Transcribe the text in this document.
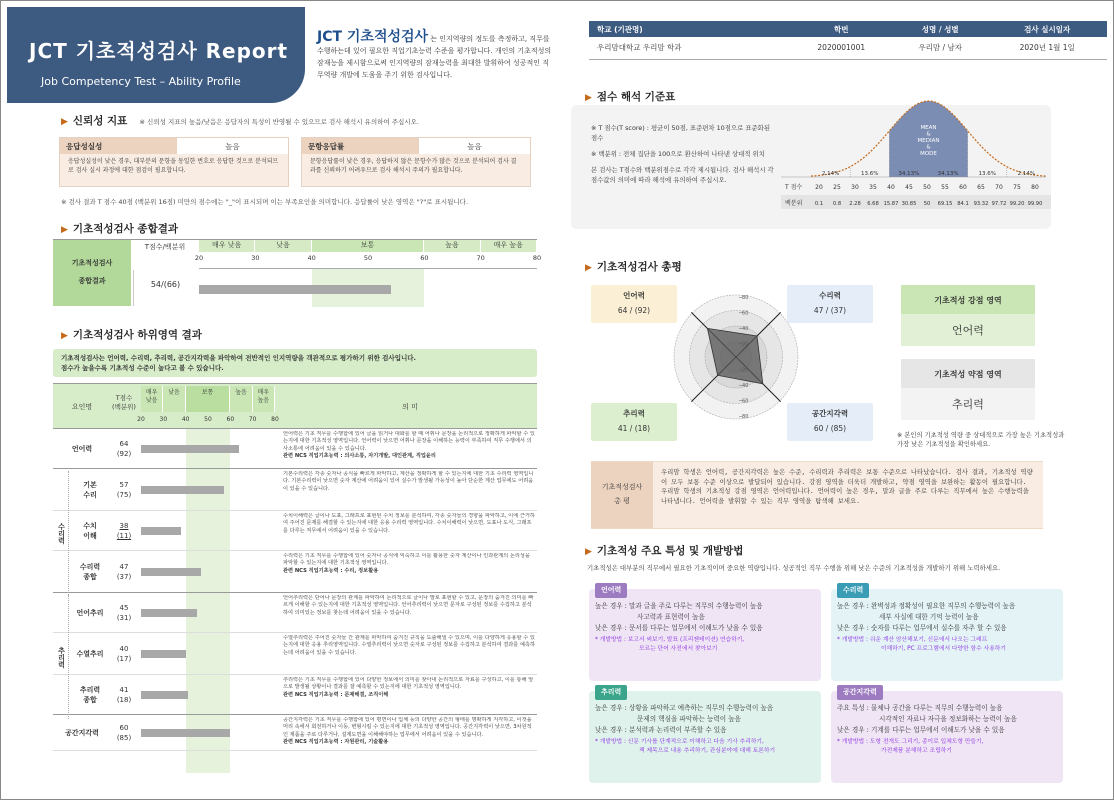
JCT 기초적성검사 Report
Job Competency Test – Ability Profile
JCT 기초적성검사 는 인지역량의 정도를 측정하고, 직무를 수행하는데 있어 필요한 직업기초능력 수준을 평가합니다. 개인의 기초적성의 잠재능을 제시함으로써 인지역량의 잠재능력을 최대한 발휘하여 성공적인 직무역량 개발에 도움을 주기 위한 검사입니다.
학교 (기관명)	학번	성명 / 성별	검사 실시일자
우리맘대학교 우리맘 학과	2020001001	우리맘 / 남자	2020년 1월 1일
▶ 신뢰성 지표 ※ 신뢰성 지표의 높음/낮음은 응답자의 특성이 반영될 수 있으므로 검사 해석시 유의하여 주십시오.
응답성실성	높음
응답성실성이 낮은 경우, 대부분의 문항을 동일한 번호로 응답한 것으로 분석되므로 검사 실시 과정에 대한 점검이 필요합니다.
문항응답률	높음
문항응답률이 낮은 경우, 응답하지 않은 문항수가 많은 것으로 분석되어 검사 결과를 신뢰하기 어려우므로 검사 해석시 주의가 필요합니다.
※ 검사 결과 T 점수 40점 (백분위 16점) 미만의 점수에는 "_"이 표시되며 이는 부족요인을 의미합니다. 응답률이 낮은 영역은 "?"로 표시됩니다.
▶ 기초적성검사 종합결과
기초적성검사
종합결과
T점수/백분위
54/(66)
매우 낮음	낮음	보통	높음	매우 높음
20	30	40	50	60	70	80
▶ 기초적성검사 하위영역 결과
기초적성검사는 언어력, 수리력, 추리력, 공간지각력을 파악하여 전반적인 인지역량을 객관적으로 평가하기 위한 검사입니다.
점수가 높을수록 기초적성 수준이 높다고 볼 수 있습니다.
요인명
T점수
(백분위)	의 미
매우
낮음
낮음	보통	높음	매우
높음
20	30	40	50	60	70	80
언어력
64
(92)
언어력은 기초 직무를 수행함에 있어 글을 읽거나 대화를 할 때 어휘나 문장을 논리적으로 정확하게 파악할 수 있는지에 대한 기초적성 영역입니다. 언어력이 낮으면 어휘나 문장을 이해하는 능력이 부족하여 직무 수행에서 의사소통에 어려움이 있을 수 있습니다.
관련 NCS 직업기초능력 : 의사소통, 자기개발, 대인관계, 직업윤리
기본
수리
57
(75)
기본수리력은 각종 숫자나 공식을 빠르게 파악하고, 계산을 정확하게 할 수 있는지에 대한 기초 수리력 영역입니다. 기본수리력이 낮으면 숫자 계산에 어려움이 있어 실수가 발생될 가능성이 높아 단순한 계산 업무에도 어려움이 있을 수 있습니다.
수치
이해
38
(11)
수치이해력은 글이나 도표, 그래프로 표현된 수치 정보를 분석하여, 각종 숫자들의 경향을 파악하고, 이에 근거하여 주어진 문제를 해결할 수 있는지에 대한 응용 수리력 영역입니다. 수치이해력이 낮으면, 도표나 도식, 그래프를 다루는 직무에서 어려움이 있을 수 있습니다.
수리력
종합
47
(37)
수리력은 기초 직무를 수행함에 있어 숫자나 공식에 익숙하고 이를 활용한 숫자 계산이나 인과관계의 논리성을 파악할 수 있는지에 대한 기초적성 영역입니다.
관련 NCS 직업기초능력 : 수리, 정보활용
언어추리
45
(31)
언어추리력은 단어나 문장의 관계를 파악하여 논리적으로 글이나 말로 표현할 수 있고, 문장의 숨겨진 의미를 빠르게 이해할 수 있는지에 대한 기초적성 영역입니다. 언어추리력이 낮으면 문자로 구성된 정보를 수집하고 분석하여 의미있는 정보를 찾는데 어려움이 있을 수 있습니다.
수열추리
40
(17)
수열추리력은 주어진 숫자들 간 관계를 파악하여 숨겨진 규칙을 도출해낼 수 있으며, 이를 다양하게 응용할 수 있는지에 대한 응용 추리영역입니다. 수열추리력이 낮으면 숫자로 구성된 정보를 수집하고 분석하여 결과를 예측하는데 어려움이 있을 수 있습니다.
추리력
종합
41
(18)
추리력은 기초 직무를 수행함에 있어 다양한 정보에서 의미를 찾아내 논리적으로 자료를 구성하고, 이를 통해 앞으로 발생될 상황이나 결과를 잘 예측할 수 있는지에 대한 기초적성 영역입니다.
관련 NCS 직업기초능력 : 문제해결, 조직이해
공간지각력
60
(85)
공간지각력은 기초 직무를 수행함에 있어 평면이나 입체 등의 다양한 공간의 형태를 명확하게 지각하고, 이것을 머리 속에서 회전하거나 이동, 변형시킬 수 있는지에 대한 기초적성 영역입니다. 공간지각력이 낮으면, 3차원적인 제품을 주로 다루거나, 설계도면을 이해해야하는 업무에서 어려움이 있을 수 있습니다.
관련 NCS 직업기초능력 : 자원관리, 기술활용
수리력
추리력
▶ 점수 해석 기준표
※ T 점수(T score) : 평균이 50점, 표준편차 10점으로 표준화된 점수
※ 백분위 : 전체 집단을 100으로 환산하여 나타낸 상대적 위치
본 검사는 T점수와 백분위점수로 각각 제시됩니다. 검사 해석시 각 점수값의 의미에 따라 해석에 유의하여 주십시오.
MEAN & MEDIAN & MODE
2.14%	13.6%	34.13%	34.13%	13.6%	2.14%
T 점수
백분위
20 25 30 35 40 45 50 55 60 65 70 75 80
0.1 0.8 2.28 6.68 15.87 30.85 50 69.15 84.1 93.32 97.72 99.20 99.90
▶ 기초적성검사 총평
─80
─80
─60
─60
─40
─40
─20
─20
언어력
64 / (92)
수리력
47 / (37)
추리력
41 / (18)
공간지각력
60 / (85)
기초적성 강점 영역
언어력
기초적성 약점 영역
추리력
※ 본인의 기초적성 역량 중 상대적으로 가장 높은 기초적성과 가장 낮은 기초적성을 확인하세요.
기초적성검사
총 평
우리맘 학생은 언어력, 공간지각력은 높은 수준, 수리력과 추리력은 보통 수준으로 나타났습니다. 검사 결과, 기초적성 역량이 모두 보통 수준 이상으로 발달되어 있습니다. 강점 영역을 더욱더 개발하고, 약점 영역을 보완하는 활동이 필요합니다. 우리맘 학생의 기초적성 강점 영역은 언어력입니다. 언어력이 높은 경우, 말과 글을 주로 다루는 직무에서 높은 수행능력을 나타냅니다. 언어력을 발휘할 수 있는 직무 영역을 탐색해 보세요.
▶ 기초적성 주요 특성 및 개발방법
기초적성은 대부분의 직무에서 필요한 기초적이며 중요한 역량입니다. 성공적인 직무 수행을 위해 낮은 수준의 기초적성을 개발하기 위해 노력하세요.
언어력
높은 경우 : 말과 글을 주로 다루는 직무의 수행능력이 높음
사고력과 표현력이 높음
낮은 경우 : 문서를 다루는 업무에서 이해도가 낮을 수 있음
* 개발방법 : 보고서 써보기, 발표 (프리젠테이션) 연습하기,
모르는 단어 사전에서 찾아보기
수리력
높은 경우 : 완벽성과 정확성이 필요한 직무의 수행능력이 높음
세부 사실에 대한 기억 능력이 높음
낮은 경우 : 숫자를 다루는 업무에서 실수를 자주 할 수 있음
* 개발방법 : 쉬운 계산 암산해보기, 신문에서 나오는 그래프
이해하기, PC 프로그램에서 다양한 함수 사용하기
추리력
높은 경우 : 상황을 파악하고 예측하는 직무의 수행능력이 높음
문제의 핵심을 파악하는 능력이 높음
낮은 경우 : 분석력과 논리력이 부족할 수 있음
* 개발방법 : 신문 기사를 단계적으로 이해하고 다음 기사 추리하기,
책 제목으로 내용 추리하기, 관심분야에 대해 토론하기
공간지각력
주요 특성 : 물체나 공간을 다루는 직무의 수행능력이 높음
시각적인 자료나 자극을 정보화하는 능력이 높음
낮은 경우 : 기계를 다루는 업무에서 이해도가 낮을 수 있음
* 개발방법 : 도형 전개도 그리기, 종이로 입체도형 만들기,
가전제품 분해하고 조립하기
